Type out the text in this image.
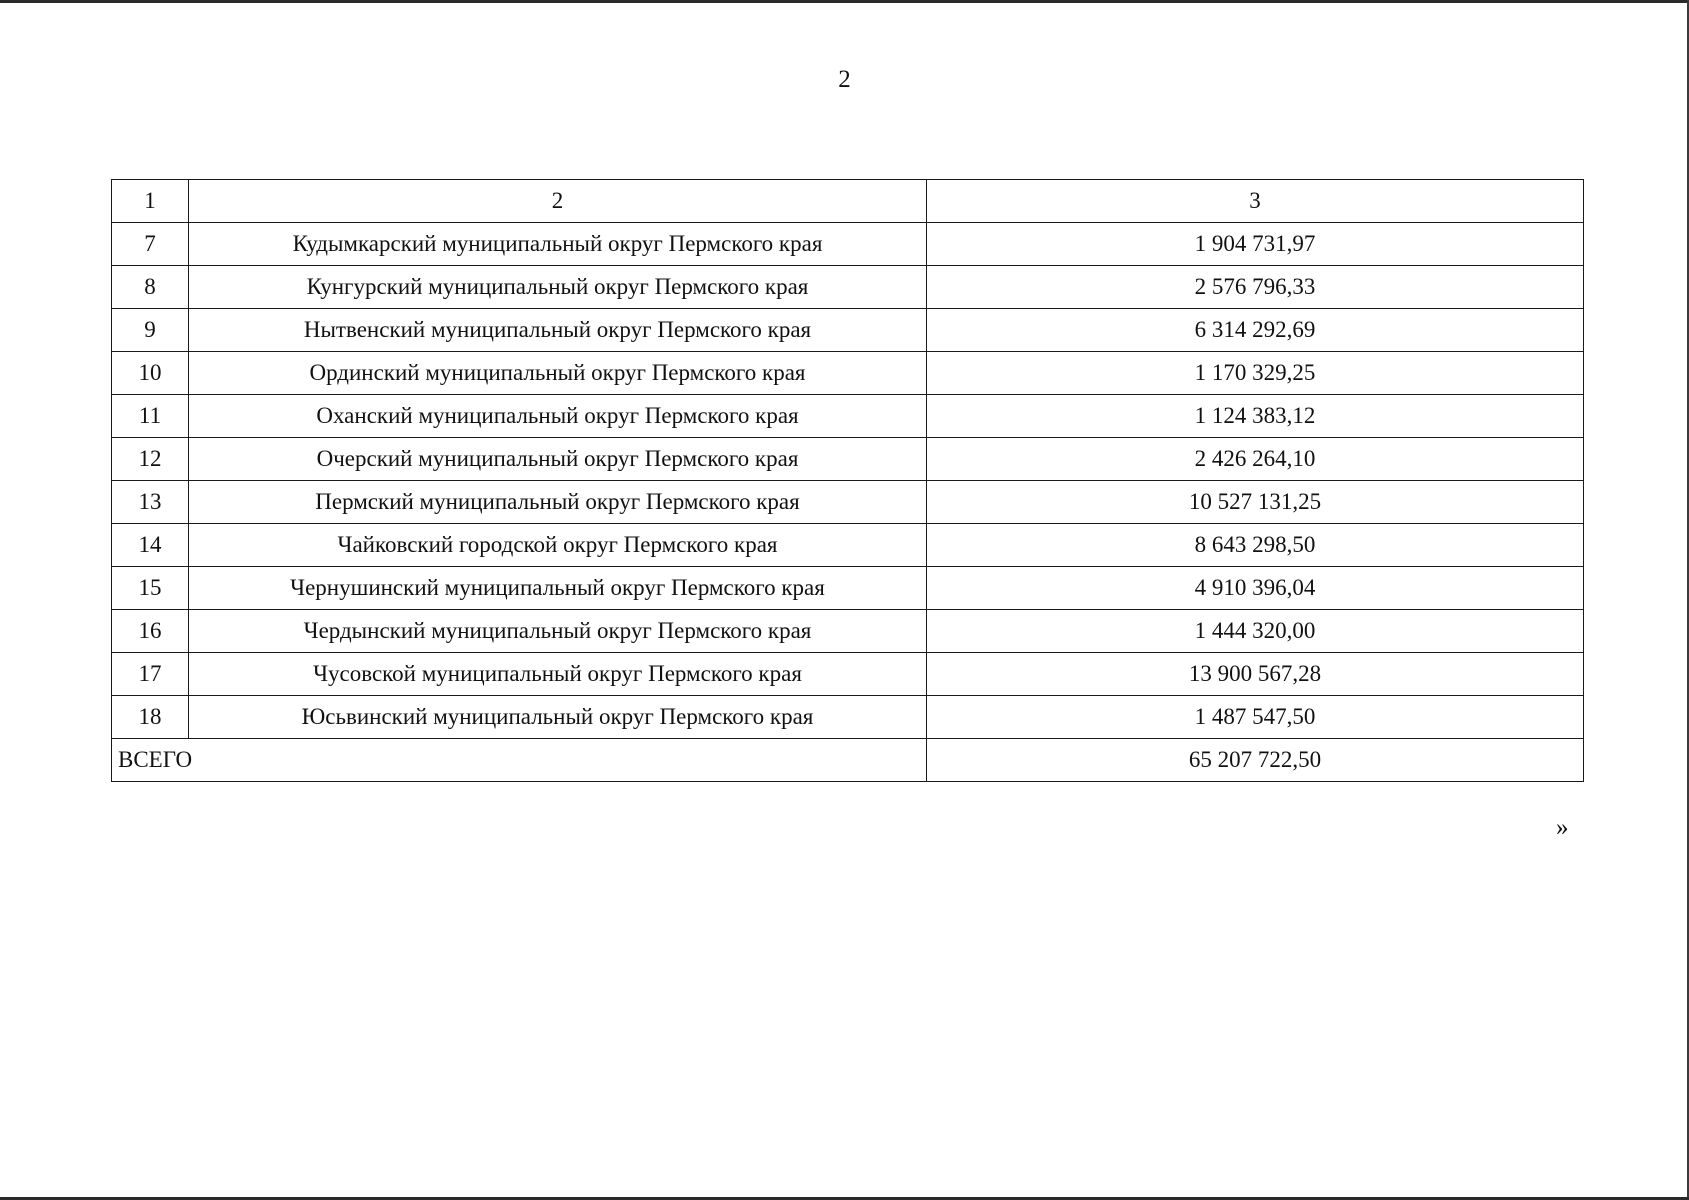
2
1	2	3
7	Кудымкарский муниципальный округ Пермского края	1 904 731,97
8	Кунгурский муниципальный округ Пермского края	2 576 796,33
9	Нытвенский муниципальный округ Пермского края	6 314 292,69
10	Ординский муниципальный округ Пермского края	1 170 329,25
11	Оханский муниципальный округ Пермского края	1 124 383,12
12	Очерский муниципальный округ Пермского края	2 426 264,10
13	Пермский муниципальный округ Пермского края	10 527 131,25
14	Чайковский городской округ Пермского края	8 643 298,50
15	Чернушинский муниципальный округ Пермского края	4 910 396,04
16	Чердынский муниципальный округ Пермского края	1 444 320,00
17	Чусовской муниципальный округ Пермского края	13 900 567,28
18	Юсьвинский муниципальный округ Пермского края	1 487 547,50
ВСЕГО		65 207 722,50
»
